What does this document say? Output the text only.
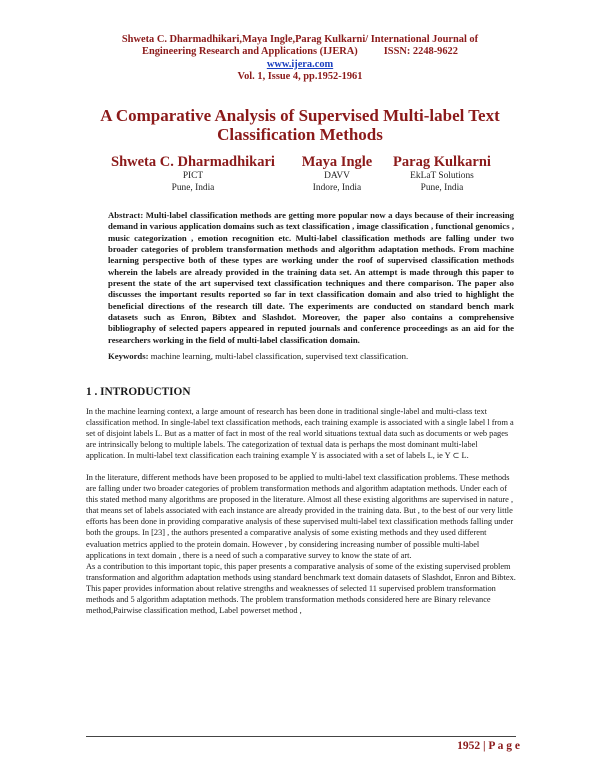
Shweta C. Dharmadhikari,Maya Ingle,Parag Kulkarni/ International Journal of
Engineering Research and Applications (IJERA)	ISSN: 2248-9622
www.ijera.com
Vol. 1, Issue 4, pp.1952-1961
A Comparative Analysis of Supervised Multi-label Text Classification Methods
Shweta C. Dharmadhikari
PICT
Pune, India
Maya Ingle
DAVV
Indore, India
Parag Kulkarni
EkLaT Solutions
Pune, India
Abstract: Multi-label classification methods are getting more popular now a days because of their increasing demand in various application domains such as text classification , image classification , functional genomics , music categorization , emotion recognition etc. Multi-label classification methods are falling under two broader categories of problem transformation methods and algorithm adaptation methods. From machine learning perspective both of these types are working under the roof of supervised classification methods wherein the labels are already provided in the training data set. An attempt is made through this paper to present the state of the art supervised text classification techniques and there comparison. The paper also discusses the important results reported so far in text classification domain and also tried to highlight the beneficial directions of the research till date. The experiments are conducted on standard bench mark datasets such as Enron, Bibtex and Slashdot. Moreover, the paper also contains a comprehensive bibliography of selected papers appeared in reputed journals and conference proceedings as an aid for the researchers working in the field of multi-label classification domain.
Keywords: machine learning, multi-label classification, supervised text classification.
1 . INTRODUCTION

In the machine learning context, a large amount of research has been done in traditional single-label and multi-class text classification method. In single-label text classification methods, each training example is associated with a single label l from a set of disjoint labels L. But as a matter of fact in most of the real world situations textual data such as documents or web pages are intrinsically belong to multiple labels. The categorization of textual data is perhaps the most dominant multi-label application. In multi-label text classification each training example Y is associated with a set of labels L, ie Y ⊂ L.

In the literature, different methods have been proposed to be applied to multi-label text classification problems. These methods are falling under two broader categories of problem transformation methods and algorithm adaptation methods. Under each of this stated method many algorithms are proposed in the literature. Almost all these existing algorithms are supervised in nature , that means set of labels associated with each instance are already provided in the training data. But , to the best of our very little efforts has been done in providing comparative analysis of these supervised multi-label text classification methods falling under both the groups. In [23] , the authors presented a comparative analysis of some existing methods and they used different evaluation metrics applied to the protein domain. However , by considering increasing number of possible multi-label applications in text domain , there is a need of such a comparative survey to know the state of art.

As a contribution to this important topic, this paper presents a comparative analysis of some of the existing supervised problem transformation and algorithm adaptation methods using standard benchmark text domain datasets of Slashdot, Enron and Bibtex.

This paper provides information about relative strengths and weaknesses of selected 11 supervised problem transformation methods and 5 algorithm adaptation methods. The problem transformation methods considered here are Binary relevance method,Pairwise classification method, Label powerset method ,

1952 | P a g e
